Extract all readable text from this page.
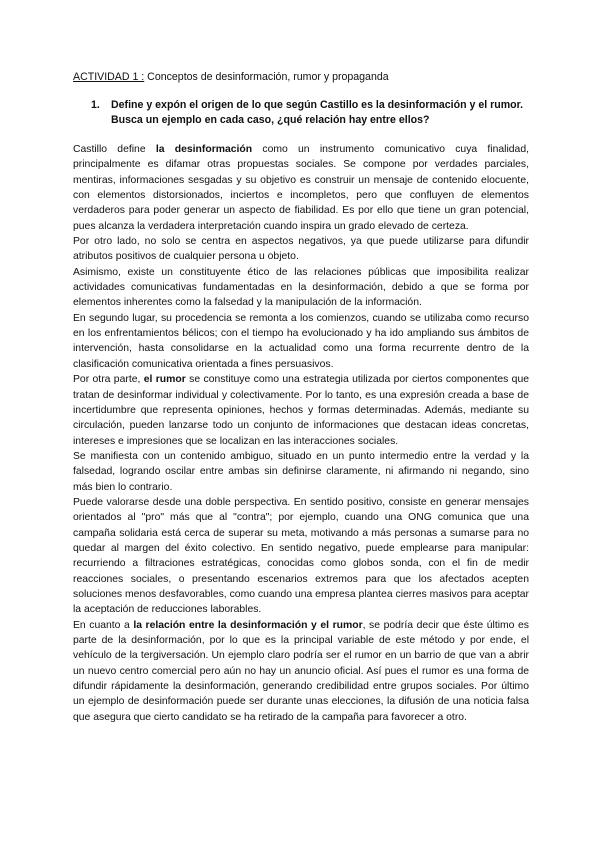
ACTIVIDAD 1 : Conceptos de desinformación, rumor y propaganda
1.	Define y expón el origen de lo que según Castillo es la desinformación y el rumor. Busca un ejemplo en cada caso, ¿qué relación hay entre ellos?

Castillo define la desinformación como un instrumento comunicativo cuya finalidad, principalmente es difamar otras propuestas sociales. Se compone por verdades parciales, mentiras, informaciones sesgadas y su objetivo es construir un mensaje de contenido elocuente, con elementos distorsionados, inciertos e incompletos, pero que confluyen de elementos verdaderos para poder generar un aspecto de fiabilidad. Es por ello que tiene un gran potencial, pues alcanza la verdadera interpretación cuando inspira un grado elevado de certeza.

Por otro lado, no solo se centra en aspectos negativos, ya que puede utilizarse para difundir atributos positivos de cualquier persona u objeto.

Asimismo, existe un constituyente ético de las relaciones públicas que imposibilita realizar actividades comunicativas fundamentadas en la desinformación, debido a que se forma por elementos inherentes como la falsedad y la manipulación de la información.

En segundo lugar, su procedencia se remonta a los comienzos, cuando se utilizaba como recurso en los enfrentamientos bélicos; con el tiempo ha evolucionado y ha ido ampliando sus ámbitos de intervención, hasta consolidarse en la actualidad como una forma recurrente dentro de la clasificación comunicativa orientada a fines persuasivos.

Por otra parte, el rumor se constituye como una estrategia utilizada por ciertos componentes que tratan de desinformar individual y colectivamente. Por lo tanto, es una expresión creada a base de incertidumbre que representa opiniones, hechos y formas determinadas. Además, mediante su circulación, pueden lanzarse todo un conjunto de informaciones que destacan ideas concretas, intereses e impresiones que se localizan en las interacciones sociales.

Se manifiesta con un contenido ambiguo, situado en un punto intermedio entre la verdad y la falsedad, logrando oscilar entre ambas sin definirse claramente, ni afirmando ni negando, sino más bien lo contrario.

Puede valorarse desde una doble perspectiva. En sentido positivo, consiste en generar mensajes orientados al "pro" más que al "contra"; por ejemplo, cuando una ONG comunica que una campaña solidaria está cerca de superar su meta, motivando a más personas a sumarse para no quedar al margen del éxito colectivo. En sentido negativo, puede emplearse para manipular: recurriendo a filtraciones estratégicas, conocidas como globos sonda, con el fin de medir reacciones sociales, o presentando escenarios extremos para que los afectados acepten soluciones menos desfavorables, como cuando una empresa plantea cierres masivos para aceptar la aceptación de reducciones laborables.

En cuanto a la relación entre la desinformación y el rumor, se podría decir que éste último es parte de la desinformación, por lo que es la principal variable de este método y por ende, el vehículo de la tergiversación. Un ejemplo claro podría ser el rumor en un barrio de que van a abrir un nuevo centro comercial pero aún no hay un anuncio oficial. Así pues el rumor es una forma de difundir rápidamente la desinformación, generando credibilidad entre grupos sociales. Por último un ejemplo de desinformación puede ser durante unas elecciones, la difusión de una noticia falsa que asegura que cierto candidato se ha retirado de la campaña para favorecer a otro.
